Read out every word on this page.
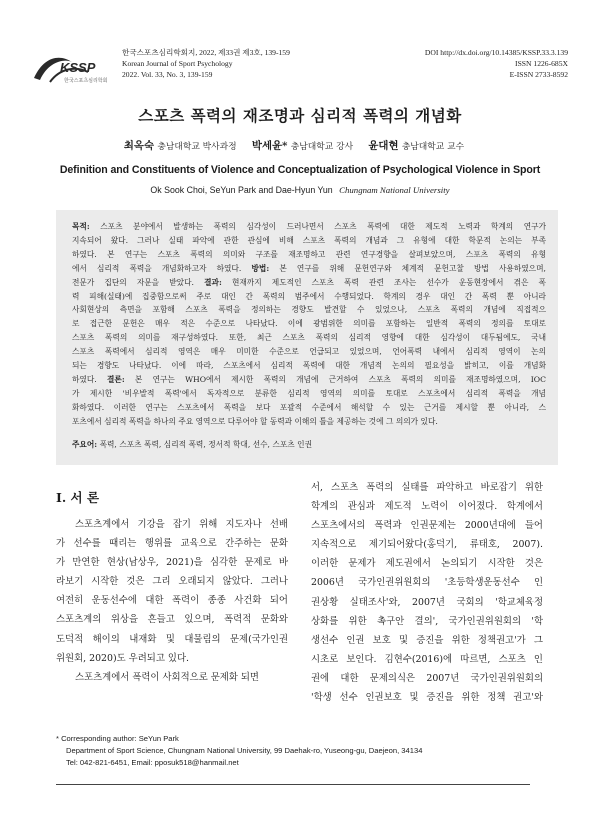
KSSP
한국스포츠심리학회
한국스포츠심리학회지, 2022, 제33권 제3호, 139-159
Korean Journal of Sport Psychology
2022. Vol. 33, No. 3, 139-159
DOI http://dx.doi.org/10.14385/KSSP.33.3.139
ISSN 1226-685X
E-ISSN 2733-8592
스포츠 폭력의 재조명과 심리적 폭력의 개념화
최옥숙 충남대학교 박사과정 박세윤* 충남대학교 강사 윤대현 충남대학교 교수
Definition and Constituents of Violence and Conceptualization of Psychological Violence in Sport
Ok Sook Choi, SeYun Park and Dae-Hyun Yun Chungnam National University
목적: 스포츠 분야에서 발생하는 폭력의 심각성이 드러나면서 스포츠 폭력에 대한 제도적 노력과 학계의 연구가
지속되어 왔다. 그러나 실태 파악에 관한 관심에 비해 스포츠 폭력의 개념과 그 유형에 대한 학문적 논의는 부족
하였다. 본 연구는 스포츠 폭력의 의미와 구조를 재조명하고 관련 연구경향을 살펴보았으며, 스포츠 폭력의 유형
에서 심리적 폭력을 개념화하고자 하였다. 방법: 본 연구를 위해 문헌연구와 체계적 문헌고찰 방법 사용하였으며,
전문가 집단의 자문을 받았다. 결과: 현재까지 제도적인 스포츠 폭력 관련 조사는 선수가 운동현장에서 겪은 폭
력 피해(실태)에 집중함으로써 주로 대인 간 폭력의 범주에서 수행되었다. 학계의 경우 대인 간 폭력 뿐 아니라
사회현상의 측면을 포함해 스포츠 폭력을 정의하는 경향도 발견할 수 있었으나, 스포츠 폭력의 개념에 직접적으
로 접근한 문헌은 매우 적은 수준으로 나타났다. 이에 광범위한 의미를 포함하는 일반적 폭력의 정의를 토대로
스포츠 폭력의 의미를 재구성하였다. 또한, 최근 스포츠 폭력의 심리적 영향에 대한 심각성이 대두됨에도, 국내
스포츠 폭력에서 심리적 영역은 매우 미미한 수준으로 언급되고 있었으며, 언어폭력 내에서 심리적 영역이 논의
되는 경향도 나타났다. 이에 따라, 스포츠에서 심리적 폭력에 대한 개념적 논의의 필요성을 밝히고, 이를 개념화
하였다. 결론: 본 연구는 WHO에서 제시한 폭력의 개념에 근거하여 스포츠 폭력의 의미를 재조명하였으며, IOC
가 제시한 '비우발적 폭력'에서 독자적으로 분류한 심리적 영역의 의미를 토대로 스포츠에서 심리적 폭력을 개념
화하였다. 이러한 연구는 스포츠에서 폭력을 보다 포괄적 수준에서 해석할 수 있는 근거를 제시할 뿐 아니라, 스
포츠에서 심리적 폭력을 하나의 주요 영역으로 다루어야 할 동력과 이해의 틀을 제공하는 것에 그 의의가 있다.
주요어: 폭력, 스포츠 폭력, 심리적 폭력, 정서적 학대, 선수, 스포츠 인권
I. 서 론
스포츠계에서 기강을 잡기 위해 지도자나 선배
가 선수를 때리는 행위를 교육으로 간주하는 문화
가 만연한 현상(남상우, 2021)을 심각한 문제로 바
라보기 시작한 것은 그리 오래되지 않았다. 그러나
여전히 운동선수에 대한 폭력이 종종 사건화 되어
스포츠계의 위상을 흔들고 있으며, 폭력적 문화와
도덕적 해이의 내재화 및 대물림의 문제(국가인권
위원회, 2020)도 우려되고 있다.
스포츠계에서 폭력이 사회적으로 문제화 되면
서, 스포츠 폭력의 실태를 파악하고 바로잡기 위한
학계의 관심과 제도적 노력이 이어졌다. 학계에서
스포츠에서의 폭력과 인권문제는 2000년대에 들어
지속적으로 제기되어왔다(홍덕기, 류태호, 2007).
이러한 문제가 제도권에서 논의되기 시작한 것은
2006년 국가인권위원회의 '초등학생운동선수 인
권상황 실태조사'와, 2007년 국회의 '학교체육정
상화를 위한 촉구안 결의', 국가인권위원회의 '학
생선수 인권 보호 및 증진을 위한 정책권고'가 그
시초로 보인다. 김현수(2016)에 따르면, 스포츠 인
권에 대한 문제의식은 2007년 국가인권위원회의
'학생 선수 인권보호 및 증진을 위한 정책 권고'와
* Corresponding author: SeYun Park
Department of Sport Science, Chungnam National University, 99 Daehak-ro, Yuseong-gu, Daejeon, 34134
Tel: 042-821-6451, Email: pposuk518@hanmail.net
